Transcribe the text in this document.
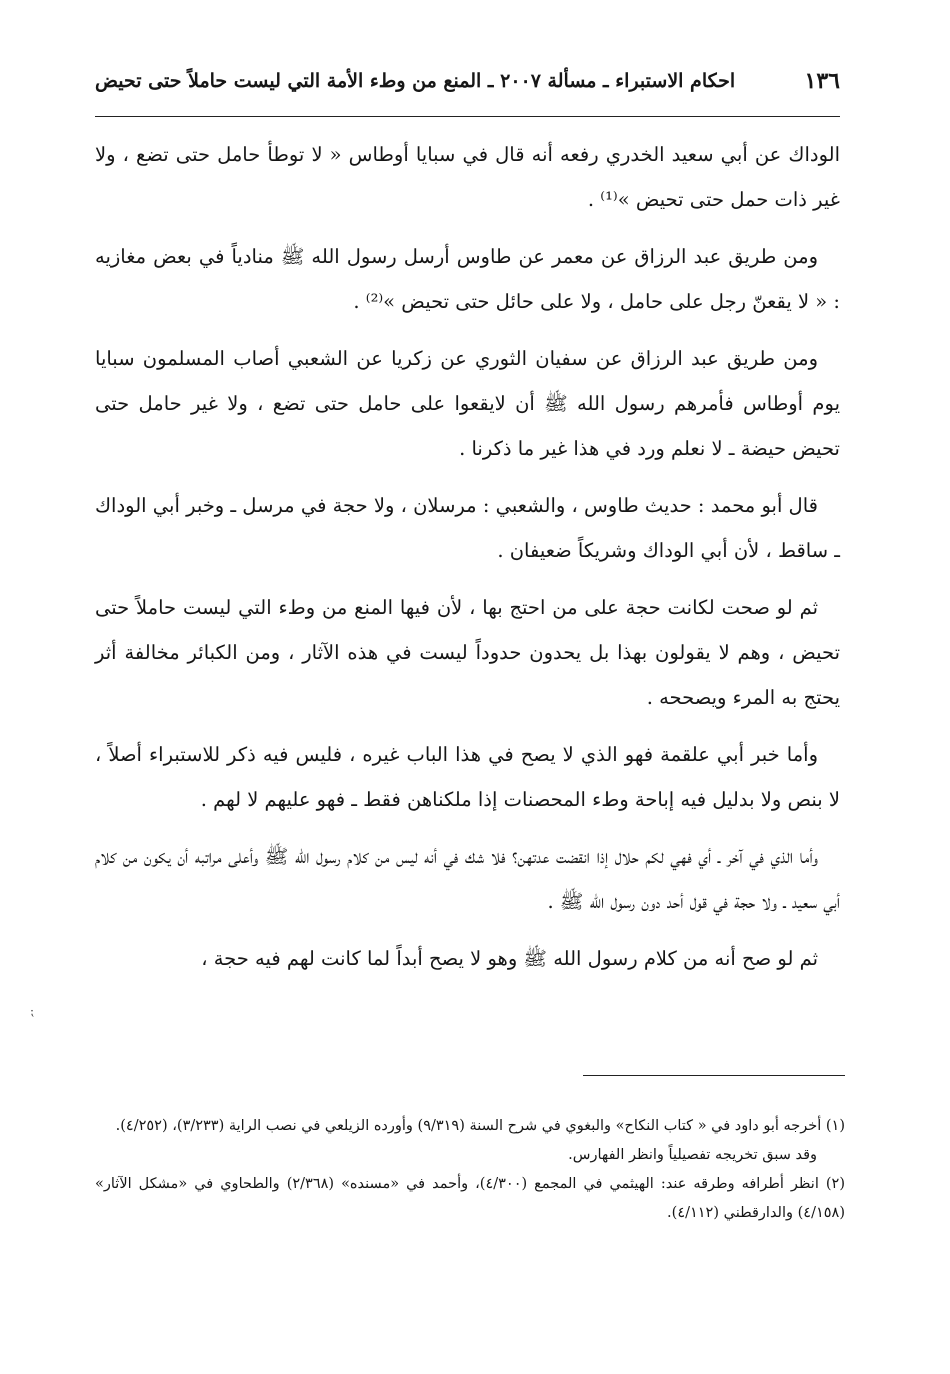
١٣٦
احكام الاستبراء ـ مسألة ٢٠٠٧ ـ المنع من وطء الأمة التي ليست حاملاً حتى تحيض

الوداك عن أبي سعيد الخدري رفعه أنه قال في سبايا أوطاس « لا توطأ حامل حتى تضع ، ولا غير ذات حمل حتى تحيض »⁽¹⁾ .

ومن طريق عبد الرزاق عن معمر عن طاوس أرسل رسول الله ﷺ منادياً في بعض مغازيه : « لا يقعنّ رجل على حامل ، ولا على حائل حتى تحيض »⁽²⁾ .

ومن طريق عبد الرزاق عن سفيان الثوري عن زكريا عن الشعبي أصاب المسلمون سبايا يوم أوطاس فأمرهم رسول الله ﷺ أن لايقعوا على حامل حتى تضع ، ولا غير حامل حتى تحيض حيضة ـ لا نعلم ورد في هذا غير ما ذكرنا .

قال أبو محمد : حديث طاوس ، والشعبي : مرسلان ، ولا حجة في مرسل ـ وخبر أبي الوداك ـ ساقط ، لأن أبي الوداك وشريكاً ضعيفان .

ثم لو صحت لكانت حجة على من احتج بها ، لأن فيها المنع من وطء التي ليست حاملاً حتى تحيض ، وهم لا يقولون بهذا بل يحدون حدوداً ليست في هذه الآثار ، ومن الكبائر مخالفة أثر يحتج به المرء ويصححه .

وأما خبر أبي علقمة فهو الذي لا يصح في هذا الباب غيره ، فليس فيه ذكر للاستبراء أصلاً ، لا بنص ولا بدليل فيه إباحة وطء المحصنات إذا ملكناهن فقط ـ فهو عليهم لا لهم .

وأما الذي في آخر ـ أي فهي لكم حلال إذا انقضت عدتهن؟ فلا شك في أنه ليس من كلام رسول الله ﷺ وأعلى مراتبه أن يكون من كلام أبي سعيد ـ ولا حجة في قول أحد دون رسول الله ﷺ .

ثم لو صح أنه من كلام رسول الله ﷺ وهو لا يصح أبداً لما كانت لهم فيه حجة ،

(١) أخرجه أبو داود في « كتاب النكاح» والبغوي في شرح السنة (٩/٣١٩) وأورده الزيلعي في نصب الراية (٣/٢٣٣)، (٤/٢٥٢).

وقد سبق تخريجه تفصيلياً وانظر الفهارس.

(٢) انظر أطرافه وطرقه عند: الهيثمي في المجمع (٤/٣٠٠)، وأحمد في «مسنده» (٢/٣٦٨) والطحاوي في «مشكل الآثار» (٤/١٥٨) والدارقطني (٤/١١٢).

⁏
